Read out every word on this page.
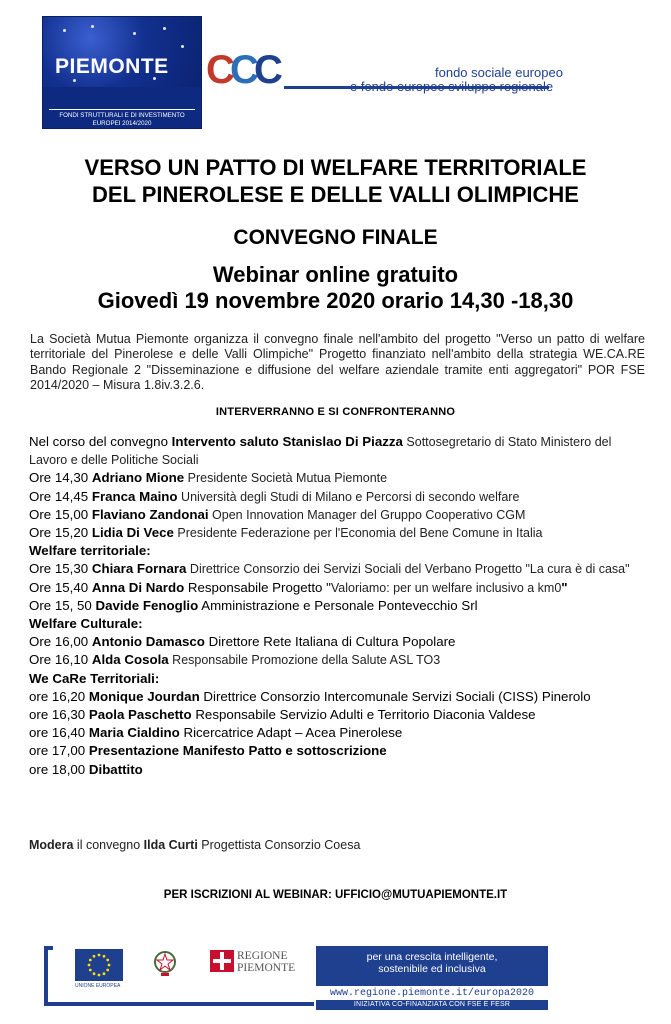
PIEMONTE
FONDI STRUTTURALI E DI INVESTIMENTO
EUROPEI 2014/2020
C
C
C	fondo sociale europeo
e fondo europeo sviluppo regionale
VERSO UN PATTO DI WELFARE TERRITORIALE
DEL PINEROLESE E DELLE VALLI OLIMPICHE
CONVEGNO FINALE
Webinar online gratuito
Giovedì 19 novembre 2020 orario 14,30 -18,30
La Società Mutua Piemonte organizza il convegno finale nell'ambito del progetto "Verso un patto di welfare territoriale del Pinerolese e delle Valli Olimpiche" Progetto finanziato nell'ambito della strategia WE.CA.RE Bando Regionale 2 "Disseminazione e diffusione del welfare aziendale tramite enti aggregatori" POR FSE 2014/2020 – Misura 1.8iv.3.2.6.
INTERVERRANNO E SI CONFRONTERANNO
Nel corso del convegno Intervento saluto Stanislao Di Piazza Sottosegretario di Stato Ministero del Lavoro e delle Politiche Sociali
Ore 14,30 Adriano Mione Presidente Società Mutua Piemonte
Ore 14,45 Franca Maino Università degli Studi di Milano e Percorsi di secondo welfare
Ore 15,00 Flaviano Zandonai Open Innovation Manager del Gruppo Cooperativo CGM
Ore 15,20 Lidia Di Vece Presidente Federazione per l'Economia del Bene Comune in Italia
Welfare territoriale:
Ore 15,30 Chiara Fornara Direttrice Consorzio dei Servizi Sociali del Verbano Progetto "La cura è di casa"
Ore 15,40 Anna Di Nardo Responsabile Progetto "Valoriamo: per un welfare inclusivo a km0"
Ore 15, 50 Davide Fenoglio Amministrazione e Personale Pontevecchio Srl
Welfare Culturale:
Ore 16,00 Antonio Damasco Direttore Rete Italiana di Cultura Popolare
Ore 16,10 Alda Cosola Responsabile Promozione della Salute ASL TO3
We CaRe Territoriali:
ore 16,20 Monique Jourdan Direttrice Consorzio Intercomunale Servizi Sociali (CISS) Pinerolo
ore 16,30 Paola Paschetto Responsabile Servizio Adulti e Territorio Diaconia Valdese
ore 16,40 Maria Cialdino Ricercatrice Adapt – Acea Pinerolese
ore 17,00 Presentazione Manifesto Patto e sottoscrizione
ore 18,00 Dibattito
Modera il convegno Ilda Curti Progettista Consorzio Coesa
PER ISCRIZIONI AL WEBINAR: UFFICIO@MUTUAPIEMONTE.IT
UNIONE EUROPEA
REGIONE
PIEMONTE
per una crescita intelligente,
sostenibile ed inclusiva
www.regione.piemonte.it/europa2020
INIZIATIVA CO-FINANZIATA CON FSE E FESR
